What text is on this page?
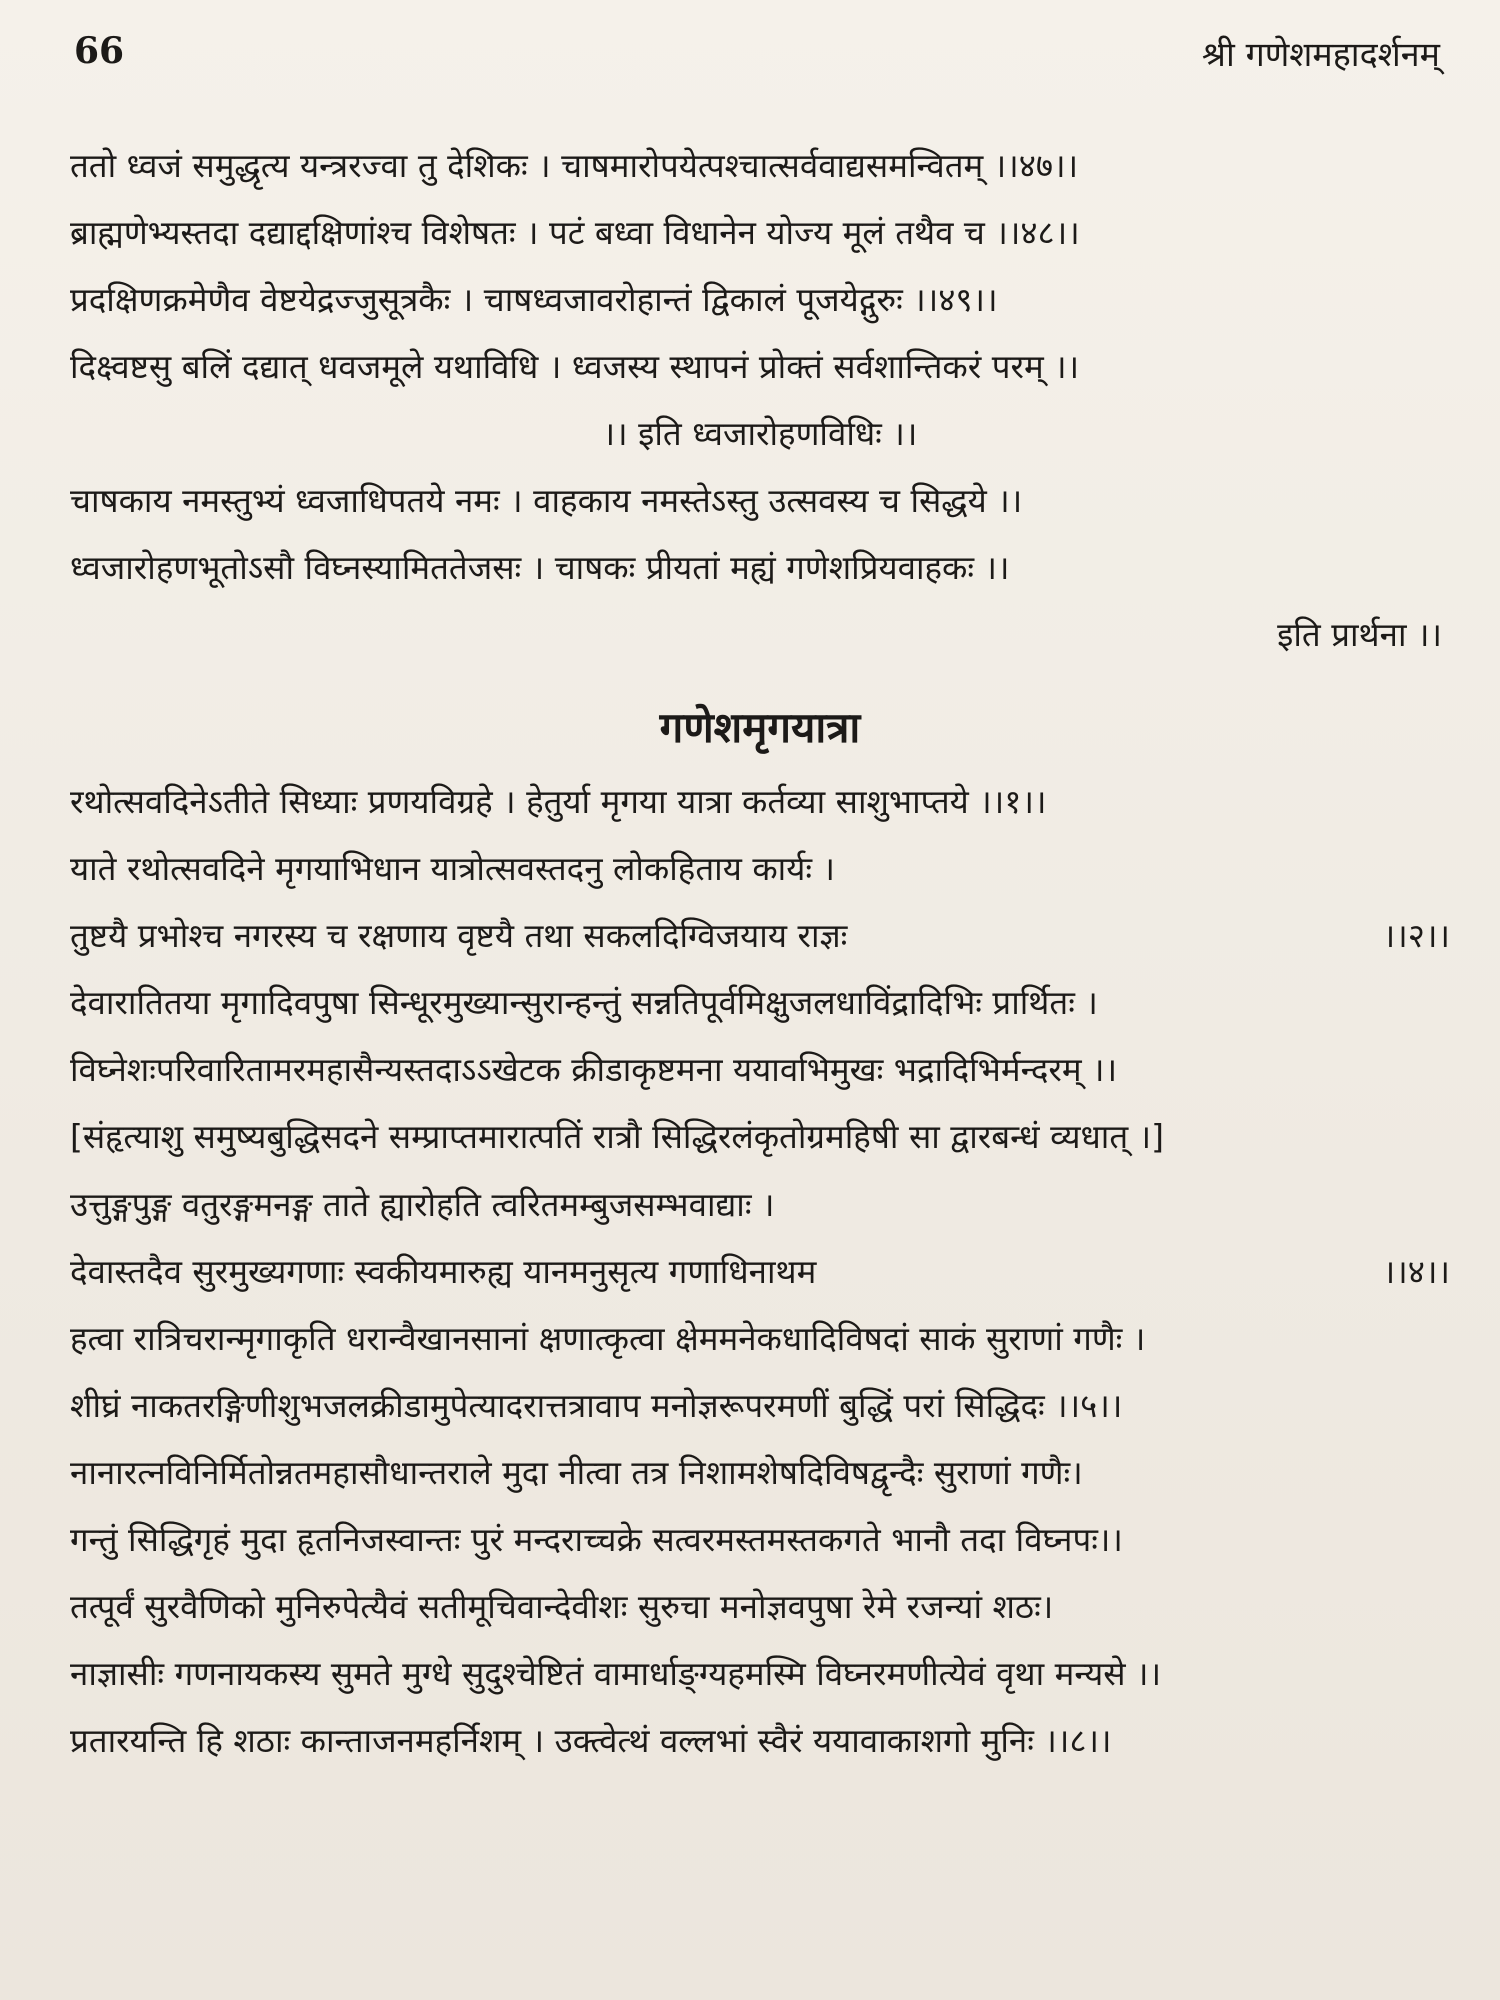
66	श्री गणेशमहादर्शनम्
ततो ध्वजं समुद्धृत्य यन्त्ररज्वा तु देशिकः । चाषमारोपयेत्पश्चात्सर्ववाद्यसमन्वितम् ।।४७।।
ब्राह्मणेभ्यस्तदा दद्याद्दक्षिणांश्च विशेषतः । पटं बध्वा विधानेन योज्य मूलं तथैव च ।।४८।।
प्रदक्षिणक्रमेणैव वेष्टयेद्रज्जुसूत्रकैः । चाषध्वजावरोहान्तं द्विकालं पूजयेद्गुरुः ।।४९।।
दिक्ष्वष्टसु बलिं दद्यात् धवजमूले यथाविधि । ध्वजस्य स्थापनं प्रोक्तं सर्वशान्तिकरं परम् ।।
।। इति ध्वजारोहणविधिः ।।
चाषकाय नमस्तुभ्यं ध्वजाधिपतये नमः । वाहकाय नमस्तेऽस्तु उत्सवस्य च सिद्धये ।।
ध्वजारोहणभूतोऽसौ विघ्नस्यामिततेजसः । चाषकः प्रीयतां मह्यं गणेशप्रियवाहकः ।।
इति प्रार्थना ।।
गणेशमृगयात्रा
रथोत्सवदिनेऽतीते सिध्याः प्रणयविग्रहे । हेतुर्या मृगया यात्रा कर्तव्या साशुभाप्तये ।।१।।
याते रथोत्सवदिने मृगयाभिधान यात्रोत्सवस्तदनु लोकहिताय कार्यः ।
तुष्टयै प्रभोश्च नगरस्य च रक्षणाय वृष्टयै तथा सकलदिग्विजयाय राज्ञः	।।२।।
देवारातितया मृगादिवपुषा सिन्धूरमुख्यान्सुरान्हन्तुं सन्नतिपूर्वमिक्षुजलधाविंद्रादिभिः प्रार्थितः ।
विघ्नेशःपरिवारितामरमहासैन्यस्तदाऽऽखेटक क्रीडाकृष्टमना ययावभिमुखः भद्रादिभिर्मन्दरम् ।।
[संहृत्याशु समुष्यबुद्धिसदने सम्प्राप्तमारात्पतिं रात्रौ सिद्धिरलंकृतोग्रमहिषी सा द्वारबन्धं व्यधात् ।]
उत्तुङ्गपुङ्ग वतुरङ्गमनङ्ग ताते ह्यारोहति त्वरितमम्बुजसम्भवाद्याः ।
देवास्तदैव सुरमुख्यगणाः स्वकीयमारुह्य यानमनुसृत्य गणाधिनाथम	।।४।।
हत्वा रात्रिचरान्मृगाकृति धरान्वैखानसानां क्षणात्कृत्वा क्षेममनेकधादिविषदां साकं सुराणां गणैः ।
शीघ्रं नाकतरङ्गिणीशुभजलक्रीडामुपेत्यादरात्तत्रावाप मनोज्ञरूपरमणीं बुद्धिं परां सिद्धिदः ।।५।।
नानारत्नविनिर्मितोन्नतमहासौधान्तराले मुदा नीत्वा तत्र निशामशेषदिविषद्वृन्दैः सुराणां गणैः।
गन्तुं सिद्धिगृहं मुदा हृतनिजस्वान्तः पुरं मन्दराच्चक्रे सत्वरमस्तमस्तकगते भानौ तदा विघ्नपः।।
तत्पूर्वं सुरवैणिको मुनिरुपेत्यैवं सतीमूचिवान्देवीशः सुरुचा मनोज्ञवपुषा रेमे रजन्यां शठः।
नाज्ञासीः गणनायकस्य सुमते मुग्धे सुदुश्चेष्टितं वामार्धाङ्ग्यहमस्मि विघ्नरमणीत्येवं वृथा मन्यसे ।।
प्रतारयन्ति हि शठाः कान्ताजनमहर्निशम् । उक्त्वेत्थं वल्लभां स्वैरं ययावाकाशगो मुनिः ।।८।।
